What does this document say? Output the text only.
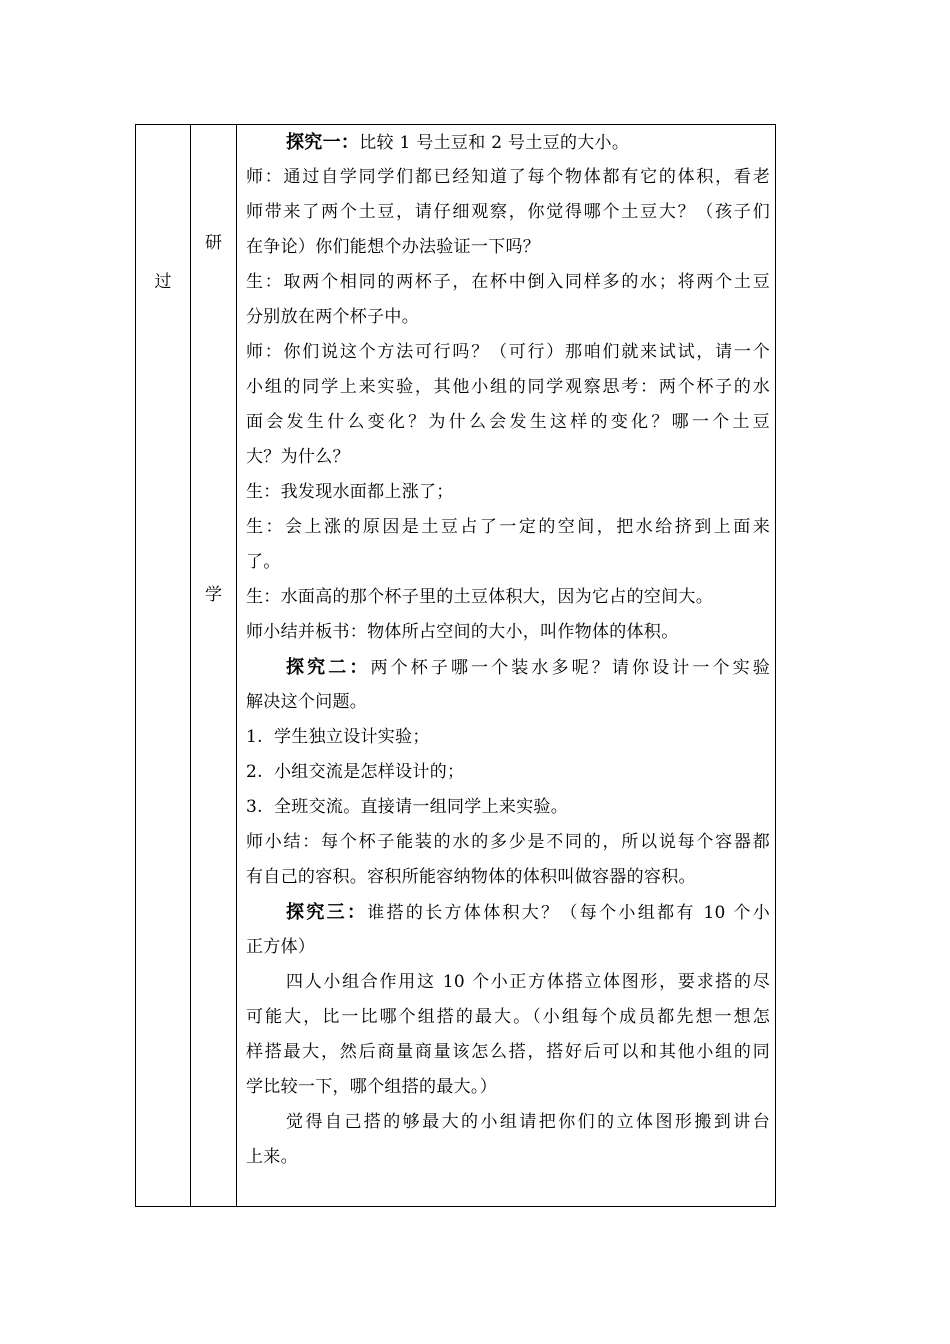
过
研
学
探究一：比较 1 号土豆和 2 号土豆的大小。
师：通过自学同学们都已经知道了每个物体都有它的体积，看老
师带来了两个土豆，请仔细观察，你觉得哪个土豆大？（孩子们
在争论）你们能想个办法验证一下吗？
生：取两个相同的两杯子，在杯中倒入同样多的水；将两个土豆
分别放在两个杯子中。
师：你们说这个方法可行吗？（可行）那咱们就来试试，请一个
小组的同学上来实验，其他小组的同学观察思考：两个杯子的水
面会发生什么变化？为什么会发生这样的变化？哪一个土豆
大？为什么？
生：我发现水面都上涨了；
生：会上涨的原因是土豆占了一定的空间，把水给挤到上面来
了。
生：水面高的那个杯子里的土豆体积大，因为它占的空间大。
师小结并板书：物体所占空间的大小，叫作物体的体积。
探究二：两个杯子哪一个装水多呢？请你设计一个实验
解决这个问题。
1. 学生独立设计实验；
2. 小组交流是怎样设计的；
3. 全班交流。直接请一组同学上来实验。
师小结：每个杯子能装的水的多少是不同的，所以说每个容器都
有自己的容积。容积所能容纳物体的体积叫做容器的容积。
探究三：谁搭的长方体体积大？（每个小组都有 10 个小
正方体）
四人小组合作用这 10 个小正方体搭立体图形，要求搭的尽
可能大，比一比哪个组搭的最大。（小组每个成员都先想一想怎
样搭最大，然后商量商量该怎么搭，搭好后可以和其他小组的同
学比较一下，哪个组搭的最大。）
觉得自己搭的够最大的小组请把你们的立体图形搬到讲台
上来。
